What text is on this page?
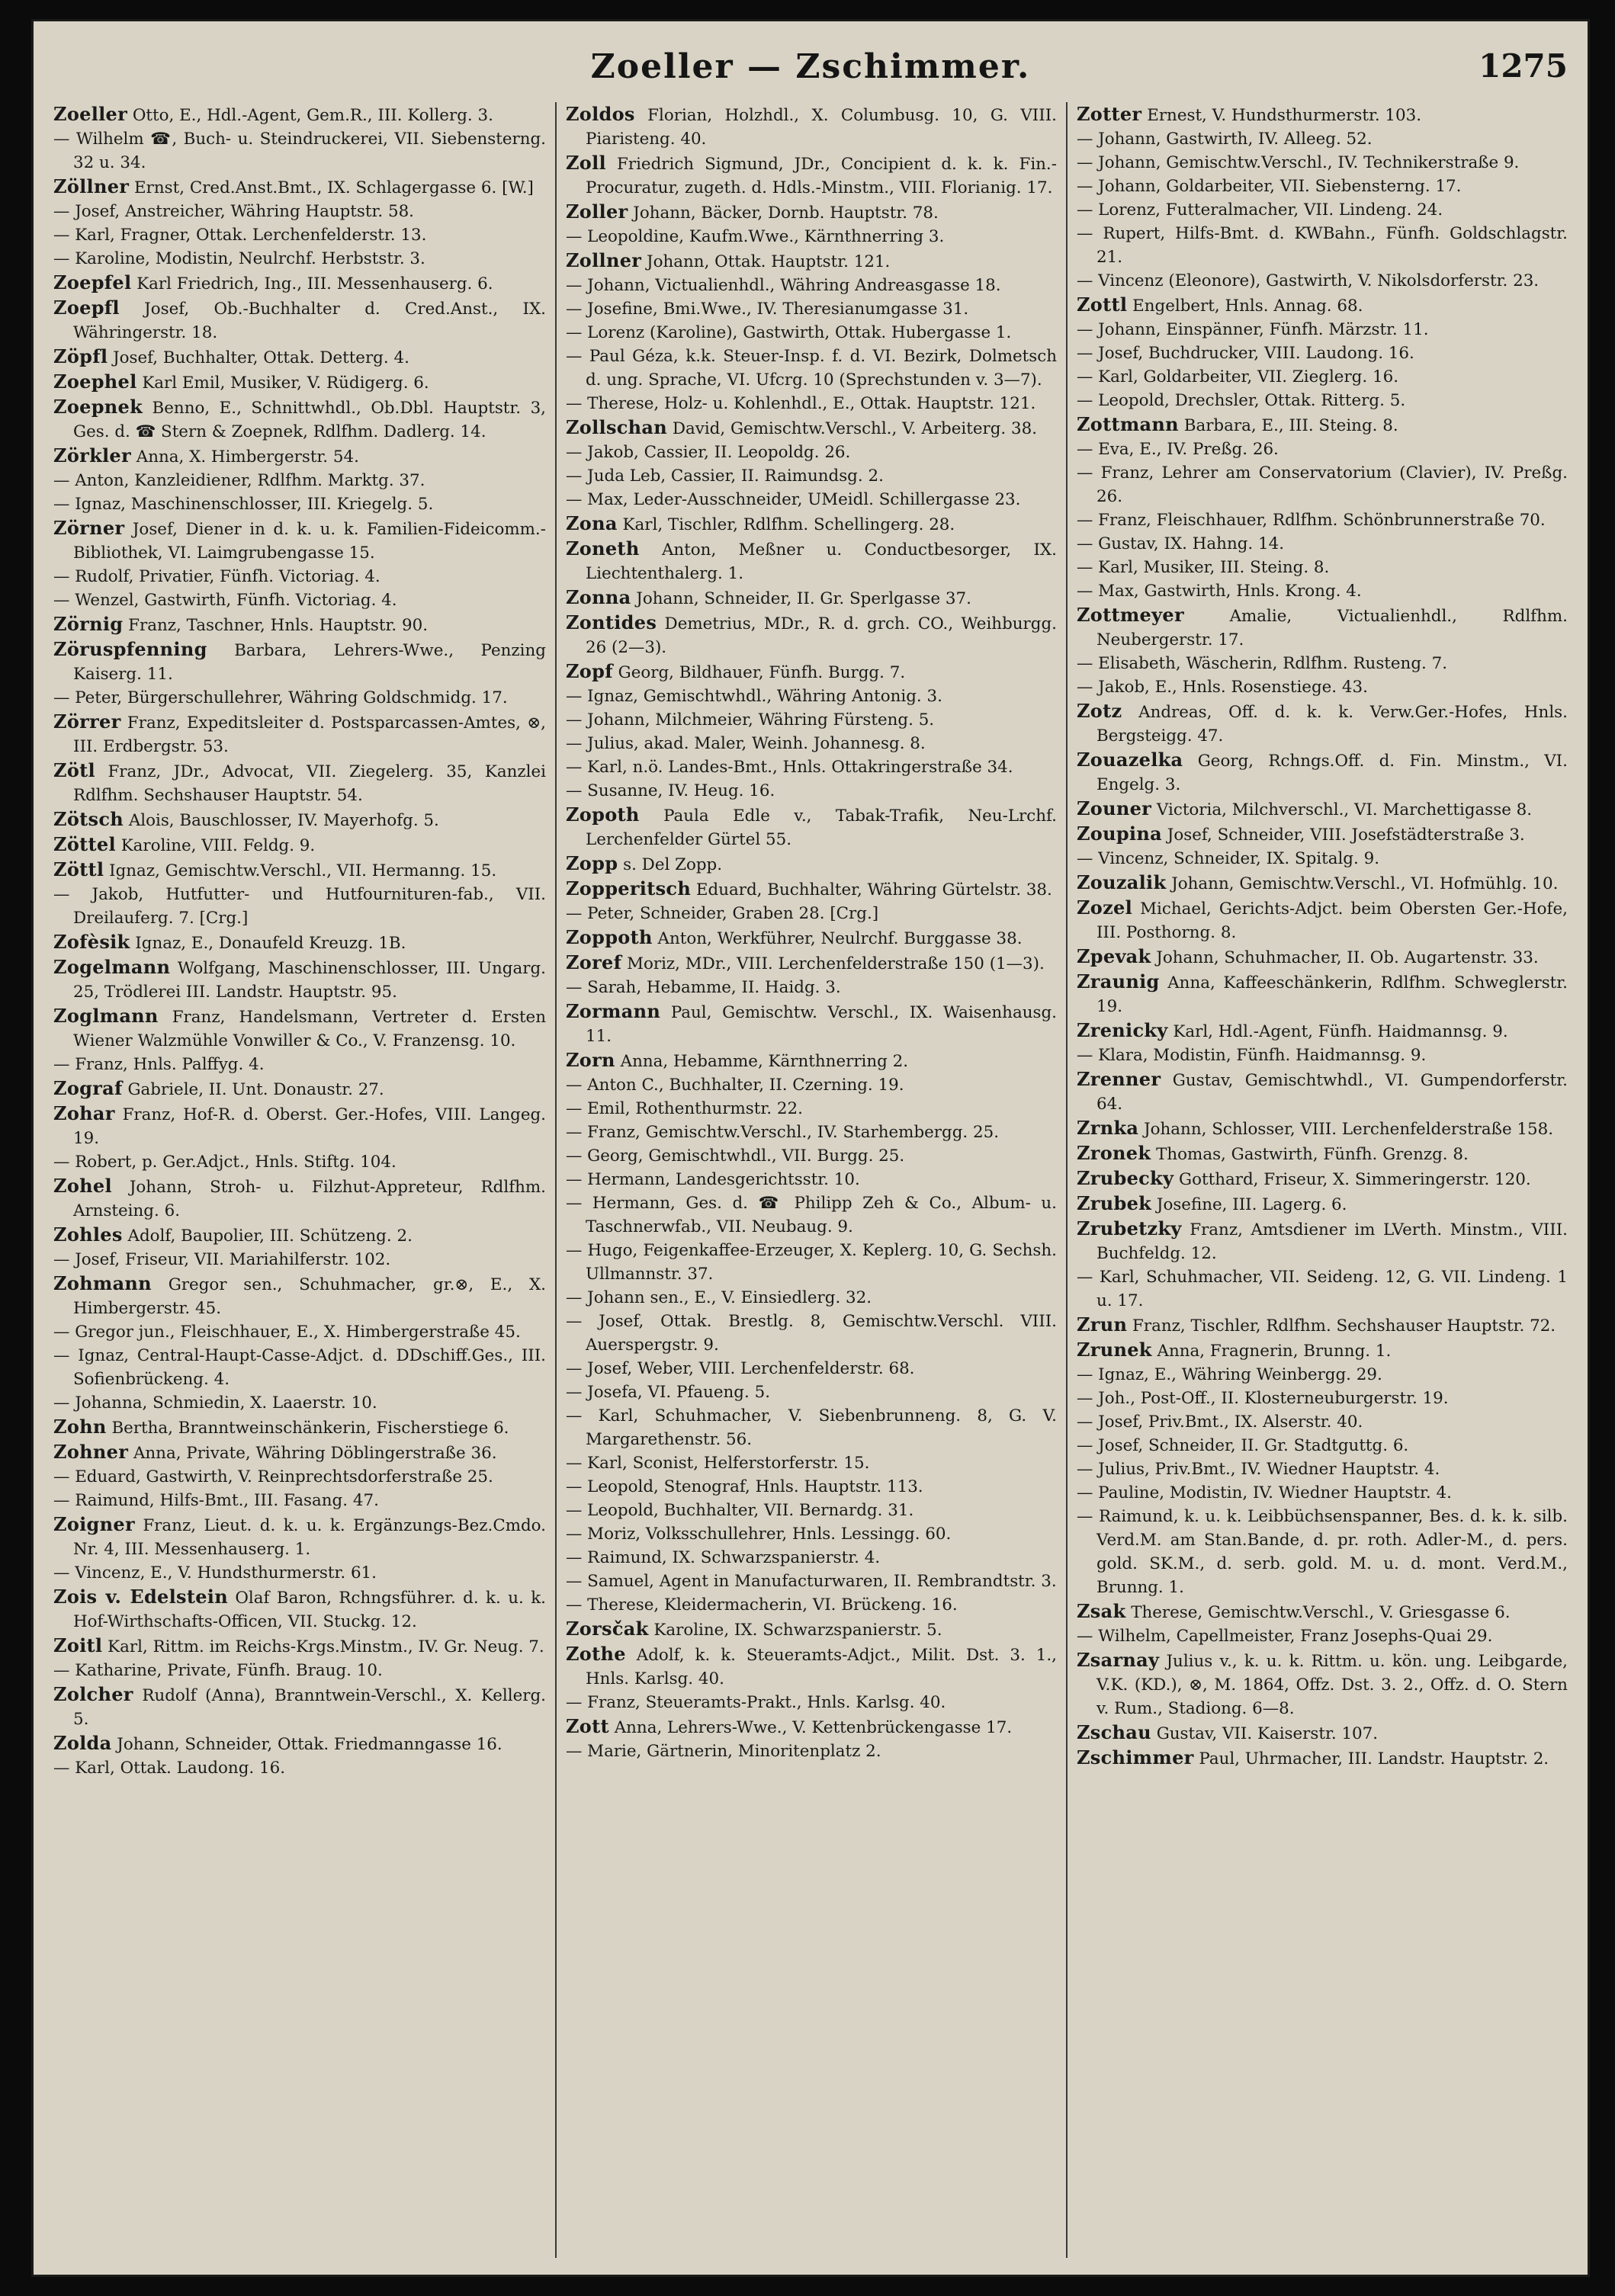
Zoeller — Zschimmer.	1275
Zoeller Otto, E., Hdl.-Agent, Gem.R., III. Kollerg. 3.
— Wilhelm ☎, Buch- u. Steindruckerei, VII. Siebensterng. 32 u. 34.
Zöllner Ernst, Cred.Anst.Bmt., IX. Schlagergasse 6. [W.]
— Josef, Anstreicher, Währing Hauptstr. 58.
— Karl, Fragner, Ottak. Lerchenfelderstr. 13.
— Karoline, Modistin, Neulrchf. Herbststr. 3.
Zoepfel Karl Friedrich, Ing., III. Messenhauserg. 6.
Zoepfl Josef, Ob.-Buchhalter d. Cred.Anst., IX. Währingerstr. 18.
Zöpfl Josef, Buchhalter, Ottak. Detterg. 4.
Zoephel Karl Emil, Musiker, V. Rüdigerg. 6.
Zoepnek Benno, E., Schnittwhdl., Ob.Dbl. Hauptstr. 3, Ges. d. ☎ Stern & Zoepnek, Rdlfhm. Dadlerg. 14.
Zörkler Anna, X. Himbergerstr. 54.
— Anton, Kanzleidiener, Rdlfhm. Marktg. 37.
— Ignaz, Maschinenschlosser, III. Kriegelg. 5.
Zörner Josef, Diener in d. k. u. k. Familien-Fideicomm.-Bibliothek, VI. Laimgrubengasse 15.
— Rudolf, Privatier, Fünfh. Victoriag. 4.
— Wenzel, Gastwirth, Fünfh. Victoriag. 4.
Zörnig Franz, Taschner, Hnls. Hauptstr. 90.
Zöruspfenning Barbara, Lehrers-Wwe., Penzing Kaiserg. 11.
— Peter, Bürgerschullehrer, Währing Goldschmidg. 17.
Zörrer Franz, Expeditsleiter d. Postsparcassen-Amtes, ⊗, III. Erdbergstr. 53.
Zötl Franz, JDr., Advocat, VII. Ziegelerg. 35, Kanzlei Rdlfhm. Sechshauser Hauptstr. 54.
Zötsch Alois, Bauschlosser, IV. Mayerhofg. 5.
Zöttel Karoline, VIII. Feldg. 9.
Zöttl Ignaz, Gemischtw.Verschl., VII. Hermanng. 15.
— Jakob, Hutfutter- und Hutfournituren-fab., VII. Dreilauferg. 7. [Crg.]
Zofèsik Ignaz, E., Donaufeld Kreuzg. 1B.
Zogelmann Wolfgang, Maschinenschlosser, III. Ungarg. 25, Trödlerei III. Landstr. Hauptstr. 95.
Zoglmann Franz, Handelsmann, Vertreter d. Ersten Wiener Walzmühle Vonwiller & Co., V. Franzensg. 10.
— Franz, Hnls. Palffyg. 4.
Zograf Gabriele, II. Unt. Donaustr. 27.
Zohar Franz, Hof-R. d. Oberst. Ger.-Hofes, VIII. Langeg. 19.
— Robert, p. Ger.Adjct., Hnls. Stiftg. 104.
Zohel Johann, Stroh- u. Filzhut-Appreteur, Rdlfhm. Arnsteing. 6.
Zohles Adolf, Baupolier, III. Schützeng. 2.
— Josef, Friseur, VII. Mariahilferstr. 102.
Zohmann Gregor sen., Schuhmacher, gr.⊗, E., X. Himbergerstr. 45.
— Gregor jun., Fleischhauer, E., X. Himbergerstraße 45.
— Ignaz, Central-Haupt-Casse-Adjct. d. DDschiff.Ges., III. Sofienbrückeng. 4.
— Johanna, Schmiedin, X. Laaerstr. 10.
Zohn Bertha, Branntweinschänkerin, Fischerstiege 6.
Zohner Anna, Private, Währing Döblingerstraße 36.
— Eduard, Gastwirth, V. Reinprechtsdorferstraße 25.
— Raimund, Hilfs-Bmt., III. Fasang. 47.
Zoigner Franz, Lieut. d. k. u. k. Ergänzungs-Bez.Cmdo. Nr. 4, III. Messenhauserg. 1.
— Vincenz, E., V. Hundsthurmerstr. 61.
Zois v. Edelstein Olaf Baron, Rchngsführer. d. k. u. k. Hof-Wirthschafts-Officen, VII. Stuckg. 12.
Zoitl Karl, Rittm. im Reichs-Krgs.Minstm., IV. Gr. Neug. 7.
— Katharine, Private, Fünfh. Braug. 10.
Zolcher Rudolf (Anna), Branntwein-Verschl., X. Kellerg. 5.
Zolda Johann, Schneider, Ottak. Friedmanngasse 16.
— Karl, Ottak. Laudong. 16.
Zoldos Florian, Holzhdl., X. Columbusg. 10, G. VIII. Piaristeng. 40.
Zoll Friedrich Sigmund, JDr., Concipient d. k. k. Fin.-Procuratur, zugeth. d. Hdls.-Minstm., VIII. Florianig. 17.
Zoller Johann, Bäcker, Dornb. Hauptstr. 78.
— Leopoldine, Kaufm.Wwe., Kärnthnerring 3.
Zollner Johann, Ottak. Hauptstr. 121.
— Johann, Victualienhdl., Währing Andreasgasse 18.
— Josefine, Bmi.Wwe., IV. Theresianumgasse 31.
— Lorenz (Karoline), Gastwirth, Ottak. Hubergasse 1.
— Paul Géza, k.k. Steuer-Insp. f. d. VI. Bezirk, Dolmetsch d. ung. Sprache, VI. Ufcrg. 10 (Sprechstunden v. 3—7).
— Therese, Holz- u. Kohlenhdl., E., Ottak. Hauptstr. 121.
Zollschan David, Gemischtw.Verschl., V. Arbeiterg. 38.
— Jakob, Cassier, II. Leopoldg. 26.
— Juda Leb, Cassier, II. Raimundsg. 2.
— Max, Leder-Ausschneider, UMeidl. Schillergasse 23.
Zona Karl, Tischler, Rdlfhm. Schellingerg. 28.
Zoneth Anton, Meßner u. Conductbesorger, IX. Liechtenthalerg. 1.
Zonna Johann, Schneider, II. Gr. Sperlgasse 37.
Zontides Demetrius, MDr., R. d. grch. CO., Weihburgg. 26 (2—3).
Zopf Georg, Bildhauer, Fünfh. Burgg. 7.
— Ignaz, Gemischtwhdl., Währing Antonig. 3.
— Johann, Milchmeier, Währing Fürsteng. 5.
— Julius, akad. Maler, Weinh. Johannesg. 8.
— Karl, n.ö. Landes-Bmt., Hnls. Ottakringerstraße 34.
— Susanne, IV. Heug. 16.
Zopoth Paula Edle v., Tabak-Trafik, Neu-Lrchf. Lerchenfelder Gürtel 55.
Zopp s. Del Zopp.
Zopperitsch Eduard, Buchhalter, Währing Gürtelstr. 38.
— Peter, Schneider, Graben 28. [Crg.]
Zoppoth Anton, Werkführer, Neulrchf. Burggasse 38.
Zoref Moriz, MDr., VIII. Lerchenfelderstraße 150 (1—3).
— Sarah, Hebamme, II. Haidg. 3.
Zormann Paul, Gemischtw. Verschl., IX. Waisenhausg. 11.
Zorn Anna, Hebamme, Kärnthnerring 2.
— Anton C., Buchhalter, II. Czerning. 19.
— Emil, Rothenthurmstr. 22.
— Franz, Gemischtw.Verschl., IV. Starhembergg. 25.
— Georg, Gemischtwhdl., VII. Burgg. 25.
— Hermann, Landesgerichtsstr. 10.
— Hermann, Ges. d. ☎ Philipp Zeh & Co., Album- u. Taschnerwfab., VII. Neubaug. 9.
— Hugo, Feigenkaffee-Erzeuger, X. Keplerg. 10, G. Sechsh. Ullmannstr. 37.
— Johann sen., E., V. Einsiedlerg. 32.
— Josef, Ottak. Brestlg. 8, Gemischtw.Verschl. VIII. Auerspergstr. 9.
— Josef, Weber, VIII. Lerchenfelderstr. 68.
— Josefa, VI. Pfaueng. 5.
— Karl, Schuhmacher, V. Siebenbrunneng. 8, G. V. Margarethenstr. 56.
— Karl, Sconist, Helferstorferstr. 15.
— Leopold, Stenograf, Hnls. Hauptstr. 113.
— Leopold, Buchhalter, VII. Bernardg. 31.
— Moriz, Volksschullehrer, Hnls. Lessingg. 60.
— Raimund, IX. Schwarzspanierstr. 4.
— Samuel, Agent in Manufacturwaren, II. Rembrandtstr. 3.
— Therese, Kleidermacherin, VI. Brückeng. 16.
Zorsčak Karoline, IX. Schwarzspanierstr. 5.
Zothe Adolf, k. k. Steueramts-Adjct., Milit. Dst. 3. 1., Hnls. Karlsg. 40.
— Franz, Steueramts-Prakt., Hnls. Karlsg. 40.
Zott Anna, Lehrers-Wwe., V. Kettenbrückengasse 17.
— Marie, Gärtnerin, Minoritenplatz 2.
Zotter Ernest, V. Hundsthurmerstr. 103.
— Johann, Gastwirth, IV. Alleeg. 52.
— Johann, Gemischtw.Verschl., IV. Technikerstraße 9.
— Johann, Goldarbeiter, VII. Siebensterng. 17.
— Lorenz, Futteralmacher, VII. Lindeng. 24.
— Rupert, Hilfs-Bmt. d. KWBahn., Fünfh. Goldschlagstr. 21.
— Vincenz (Eleonore), Gastwirth, V. Nikolsdorferstr. 23.
Zottl Engelbert, Hnls. Annag. 68.
— Johann, Einspänner, Fünfh. Märzstr. 11.
— Josef, Buchdrucker, VIII. Laudong. 16.
— Karl, Goldarbeiter, VII. Zieglerg. 16.
— Leopold, Drechsler, Ottak. Ritterg. 5.
Zottmann Barbara, E., III. Steing. 8.
— Eva, E., IV. Preßg. 26.
— Franz, Lehrer am Conservatorium (Clavier), IV. Preßg. 26.
— Franz, Fleischhauer, Rdlfhm. Schönbrunnerstraße 70.
— Gustav, IX. Hahng. 14.
— Karl, Musiker, III. Steing. 8.
— Max, Gastwirth, Hnls. Krong. 4.
Zottmeyer	Amalie, Victualienhdl., Rdlfhm. Neubergerstr. 17.
— Elisabeth, Wäscherin, Rdlfhm. Rusteng. 7.
— Jakob, E., Hnls. Rosenstiege. 43.
Zotz Andreas, Off. d. k. k. Verw.Ger.-Hofes, Hnls. Bergsteigg. 47.
Zouazelka Georg, Rchngs.Off. d. Fin. Minstm., VI. Engelg. 3.
Zouner Victoria, Milchverschl., VI. Marchettigasse 8.
Zoupina Josef, Schneider, VIII. Josefstädterstraße 3.
— Vincenz, Schneider, IX. Spitalg. 9.
Zouzalik Johann, Gemischtw.Verschl., VI. Hofmühlg. 10.
Zozel Michael, Gerichts-Adjct. beim Obersten Ger.-Hofe, III. Posthorng. 8.
Zpevak Johann, Schuhmacher, II. Ob. Augartenstr. 33.
Zraunig Anna, Kaffeeschänkerin, Rdlfhm. Schweglerstr. 19.
Zrenicky Karl, Hdl.-Agent, Fünfh. Haidmannsg. 9.
— Klara, Modistin, Fünfh. Haidmannsg. 9.
Zrenner Gustav, Gemischtwhdl., VI. Gumpendorferstr. 64.
Zrnka Johann, Schlosser, VIII. Lerchenfelderstraße 158.
Zronek Thomas, Gastwirth, Fünfh. Grenzg. 8.
Zrubecky Gotthard, Friseur, X. Simmeringerstr. 120.
Zrubek Josefine, III. Lagerg. 6.
Zrubetzky Franz, Amtsdiener im LVerth. Minstm., VIII. Buchfeldg. 12.
— Karl, Schuhmacher, VII. Seideng. 12, G. VII. Lindeng. 1 u. 17.
Zrun Franz, Tischler, Rdlfhm. Sechshauser Hauptstr. 72.
Zrunek Anna, Fragnerin, Brunng. 1.
— Ignaz, E., Währing Weinbergg. 29.
— Joh., Post-Off., II. Klosterneuburgerstr. 19.
— Josef, Priv.Bmt., IX. Alserstr. 40.
— Josef, Schneider, II. Gr. Stadtguttg. 6.
— Julius, Priv.Bmt., IV. Wiedner Hauptstr. 4.
— Pauline, Modistin, IV. Wiedner Hauptstr. 4.
— Raimund, k. u. k. Leibbüchsenspanner, Bes. d. k. k. silb. Verd.M. am Stan.Bande, d. pr. roth. Adler-M., d. pers. gold. SK.M., d. serb. gold. M. u. d. mont. Verd.M., Brunng. 1.
Zsak Therese, Gemischtw.Verschl., V. Griesgasse 6.
— Wilhelm, Capellmeister, Franz Josephs-Quai 29.
Zsarnay Julius v., k. u. k. Rittm. u. kön. ung. Leibgarde, V.K. (KD.), ⊗, M. 1864, Offz. Dst. 3. 2., Offz. d. O. Stern v. Rum., Stadiong. 6—8.
Zschau Gustav, VII. Kaiserstr. 107.
Zschimmer Paul, Uhrmacher, III. Landstr. Hauptstr. 2.
